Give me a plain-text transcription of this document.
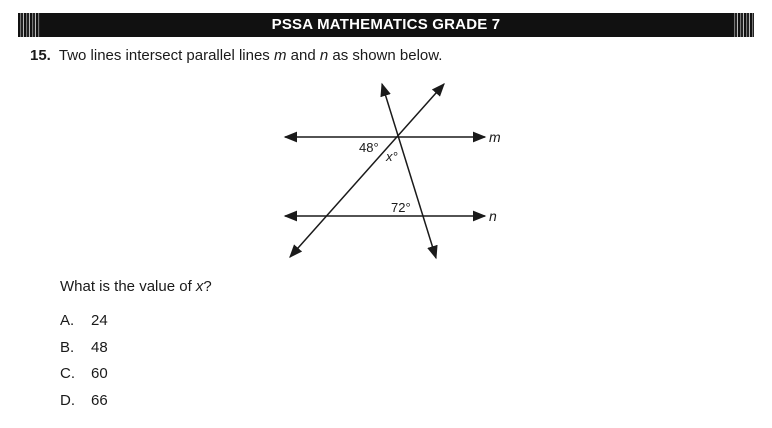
PSSA MATHEMATICS GRADE 7
15. Two lines intersect parallel lines m and n as shown below.
m
n
48°
x°
72°
What is the value of x?
A.	24
B.	48
C.	60
D.	66
